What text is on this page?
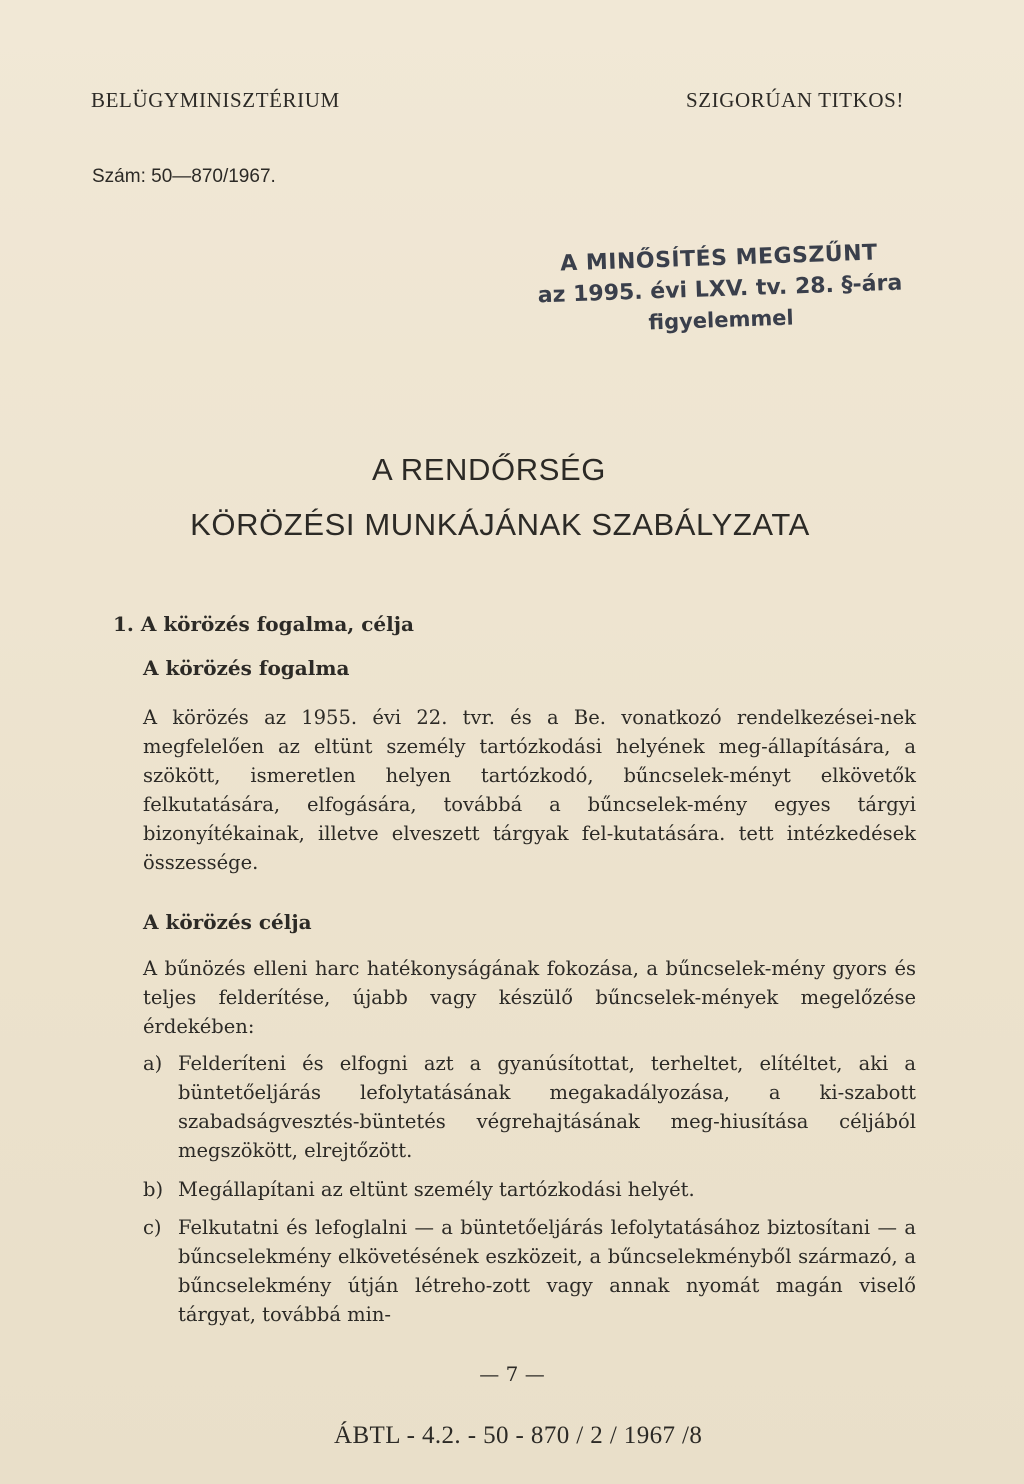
BELÜGYMINISZTÉRIUM	SZIGORÚAN TITKOS!
Szám: 50—870/1967.
A MINŐSÍTÉS MEGSZŰNT
az 1995. évi LXV. tv. 28. §-ára
figyelemmel
A RENDŐRSÉG
KÖRÖZÉSI MUNKÁJÁNAK SZABÁLYZATA
1. A körözés fogalma, célja
A körözés fogalma
A körözés az 1955. évi 22. tvr. és a Be. vonatkozó rendelkezései-nek megfelelően az eltünt személy tartózkodási helyének meg-állapítására, a szökött, ismeretlen helyen tartózkodó, bűncselek-ményt elkövetők felkutatására, elfogására, továbbá a bűncselek-mény egyes tárgyi bizonyítékainak, illetve elveszett tárgyak fel-kutatására. tett intézkedések összessége.
A körözés célja
A bűnözés elleni harc hatékonyságának fokozása, a bűncselek-mény gyors és teljes felderítése, újabb vagy készülő bűncselek-mények megelőzése érdekében:
a) Felderíteni és elfogni azt a gyanúsítottat, terheltet, elítéltet, aki a büntetőeljárás lefolytatásának megakadályozása, a ki-szabott szabadságvesztés-büntetés végrehajtásának meg-hiusítása céljából megszökött, elrejtőzött.
b) Megállapítani az eltünt személy tartózkodási helyét.
c) Felkutatni és lefoglalni — a büntetőeljárás lefolytatásához biztosítani — a bűncselekmény elkövetésének eszközeit, a bűncselekményből származó, a bűncselekmény útján létreho-zott vagy annak nyomát magán viselő tárgyat, továbbá min-
— 7 —
ÁBTL - 4.2. - 50 - 870 / 2 / 1967 /8
